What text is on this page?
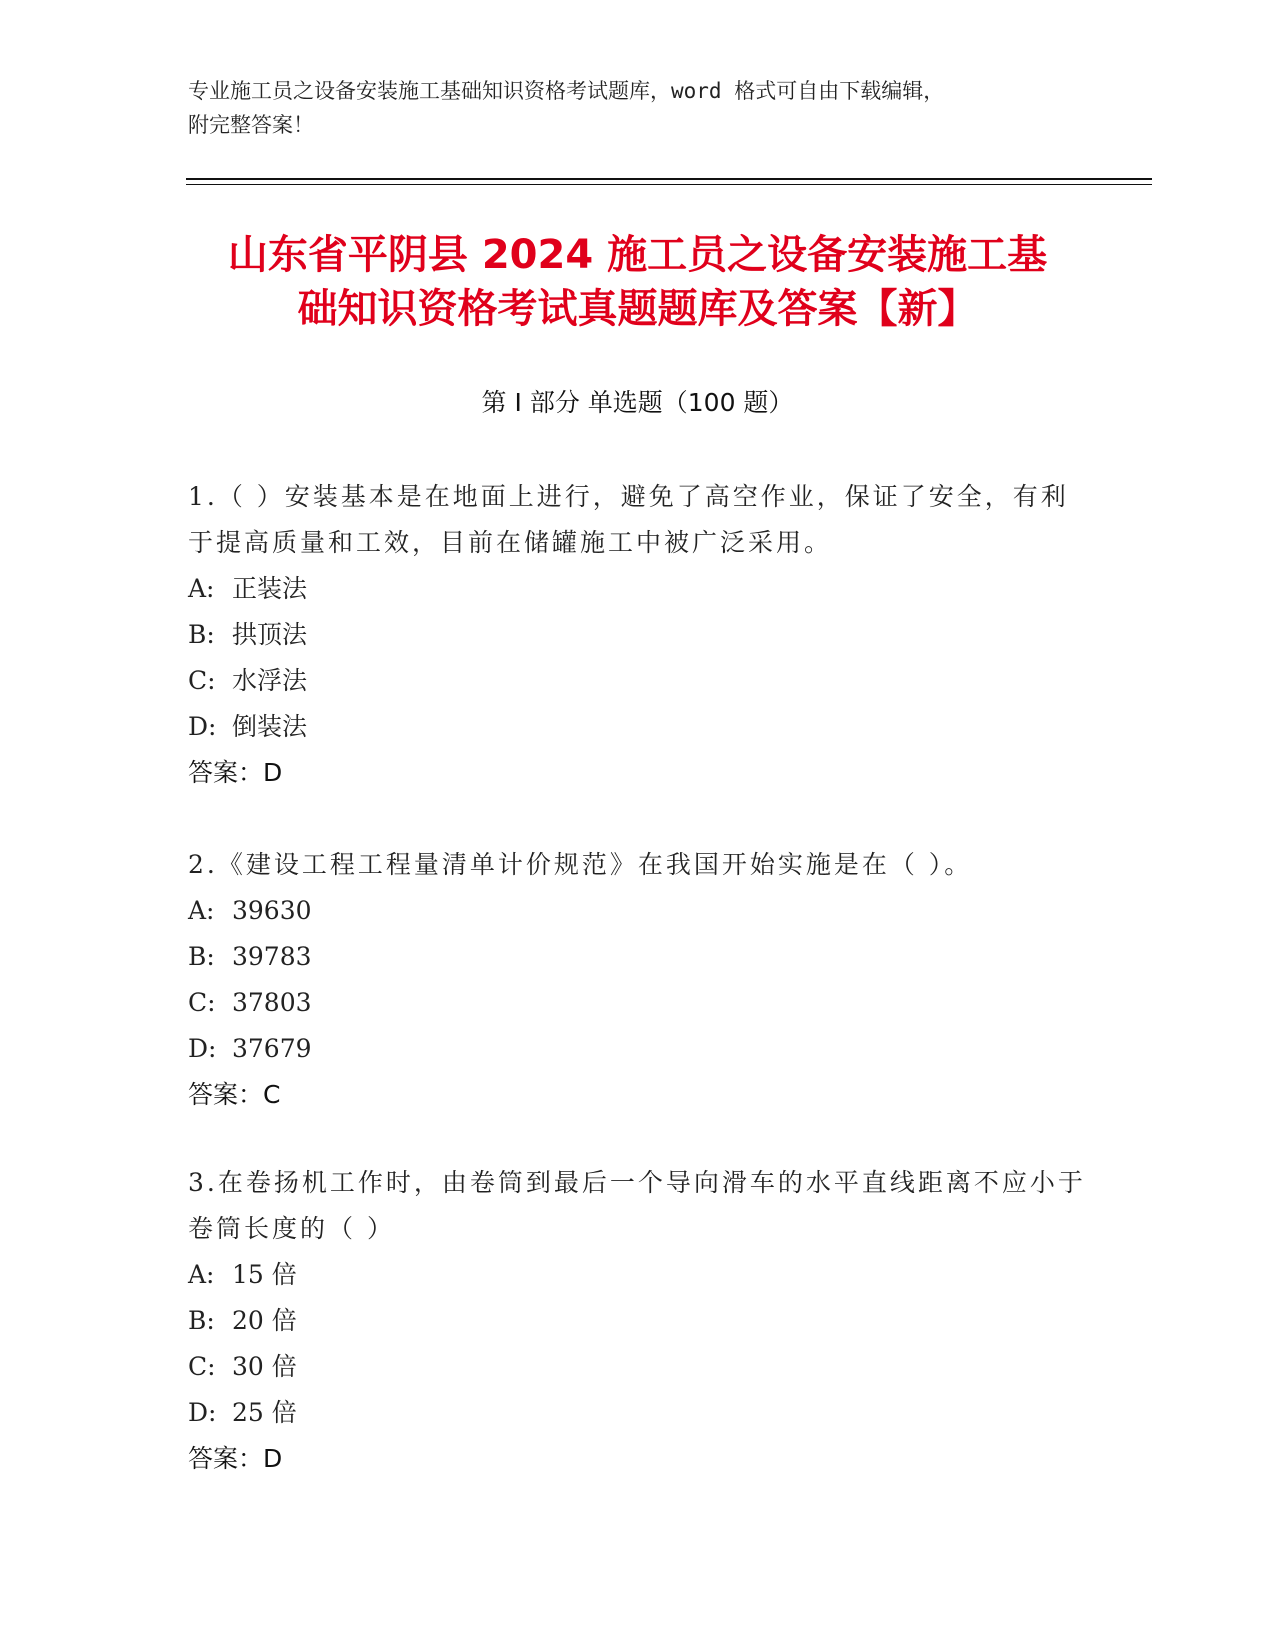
专业施工员之设备安装施工基础知识资格考试题库，word 格式可自由下载编辑，
附完整答案！
山东省平阴县 2024 施工员之设备安装施工基
础知识资格考试真题题库及答案【新】
第 I 部分 单选题（100 题）
1.（ ）安装基本是在地面上进行，避免了高空作业，保证了安全，有利于提高质量和工效，目前在储罐施工中被广泛采用。
A: 正装法
B: 拱顶法
C: 水浮法
D: 倒装法
答案：D
2.《建设工程工程量清单计价规范》在我国开始实施是在（ ）。
A: 39630
B: 39783
C: 37803
D: 37679
答案：C
3.在卷扬机工作时，由卷筒到最后一个导向滑车的水平直线距离不应小于卷筒长度的（ ）
A: 15 倍
B: 20 倍
C: 30 倍
D: 25 倍
答案：D
